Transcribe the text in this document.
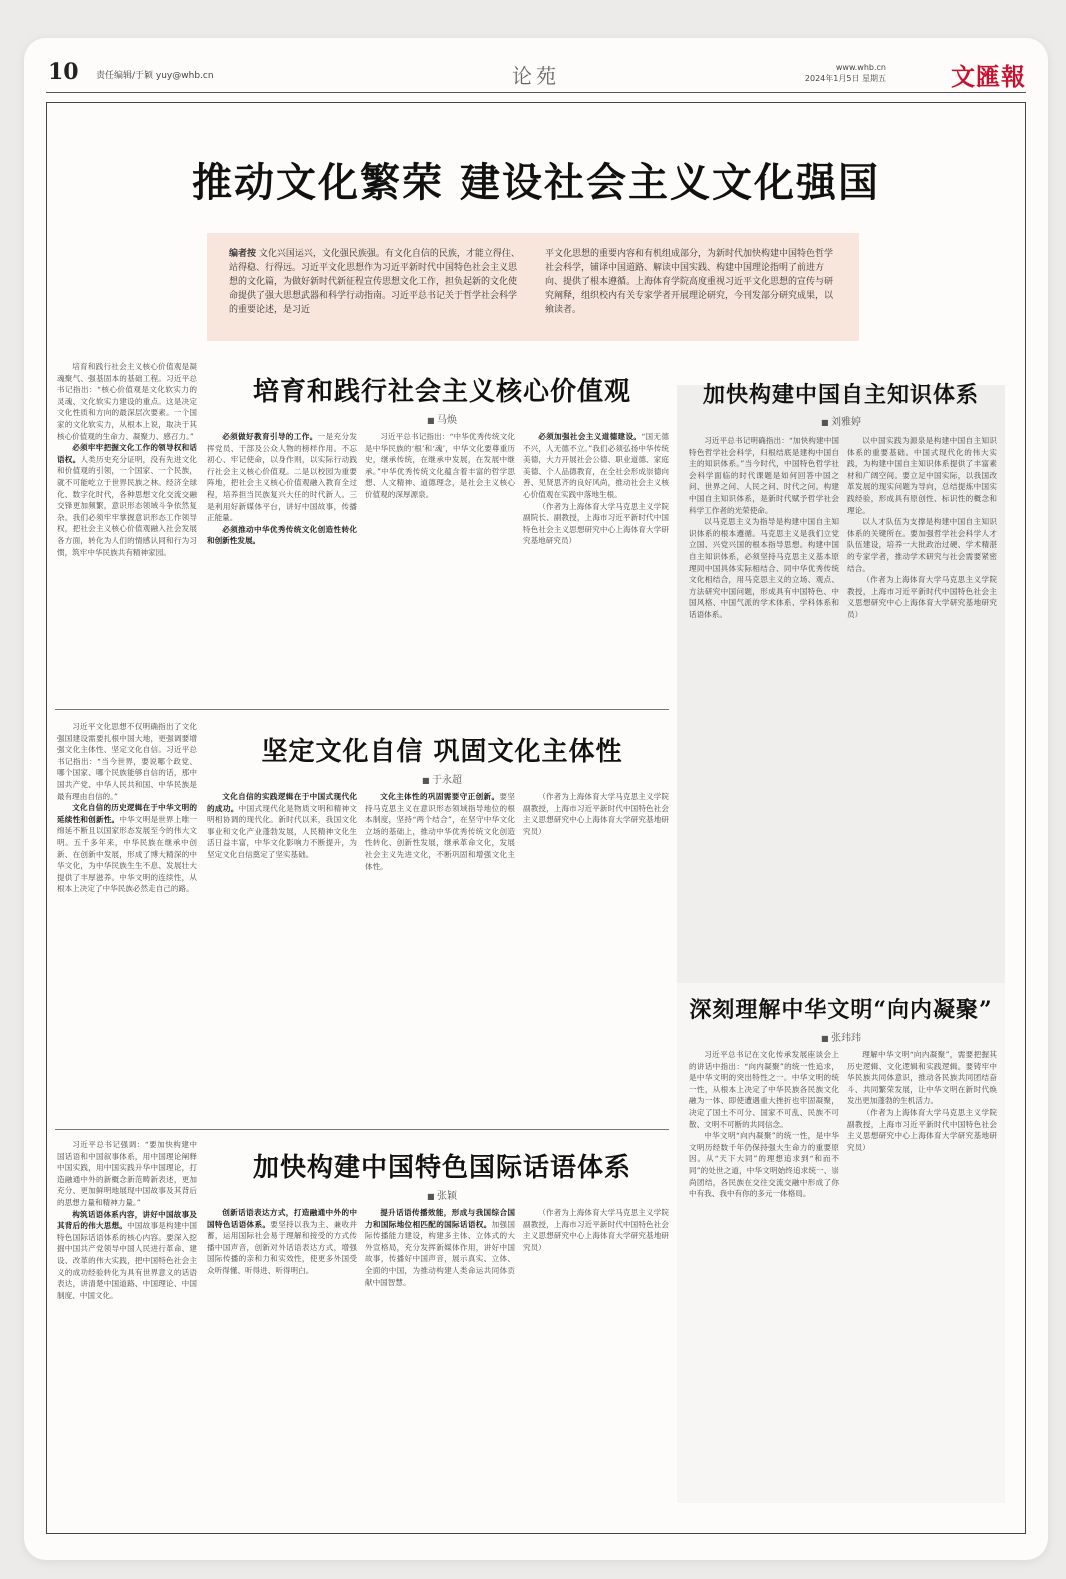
10 责任编辑/于颖 yuy@whb.cn	论苑	www.whb.cn
2024年1月5日 星期五	文匯報
推动文化繁荣 建设社会主义文化强国
编者按 文化兴国运兴，文化强民族强。有文化自信的民族，才能立得住、站得稳、行得远。习近平文化思想作为习近平新时代中国特色社会主义思想的文化篇，为做好新时代新征程宣传思想文化工作，担负起新的文化使命提供了强大思想武器和科学行动指南。习近平总书记关于哲学社会科学的重要论述，是习近
平文化思想的重要内容和有机组成部分，为新时代加快构建中国特色哲学社会科学，铺译中国道路、解读中国实践、构建中国理论指明了前进方向、提供了根本遵循。上海体育学院高度重视习近平文化思想的宣传与研究阐释，组织校内有关专家学者开展理论研究，今刊发部分研究成果，以飨读者。

培育和践行社会主义核心价值观是凝魂聚气、强基固本的基础工程。习近平总书记指出：“核心价值观是文化软实力的灵魂、文化软实力建设的重点。这是决定文化性质和方向的最深层次要素。一个国家的文化软实力，从根本上说，取决于其核心价值观的生命力、凝聚力、感召力。”

必须牢牢把握文化工作的领导权和话语权。人类历史充分证明，没有先进文化和价值观的引领，一个国家、一个民族，就不可能屹立于世界民族之林。经济全球化、数字化时代，各种思想文化交流交融交锋更加频繁，意识形态领域斗争依然复杂。我们必须牢牢掌握意识形态工作领导权，把社会主义核心价值观融入社会发展各方面，转化为人们的情感认同和行为习惯，筑牢中华民族共有精神家园。

培育和践行社会主义核心价值观
■ 马焕

必须做好教育引导的工作。一是充分发挥党员、干部及公众人物的榜样作用。不忘初心、牢记使命，以身作则，以实际行动践行社会主义核心价值观。二是以校园为重要阵地，把社会主义核心价值观融入教育全过程，培养担当民族复兴大任的时代新人。三是利用好新媒体平台，讲好中国故事，传播正能量。

必须推动中华优秀传统文化创造性转化和创新性发展。

习近平总书记指出：“中华优秀传统文化是中华民族的‘根’和‘魂’，中华文化要尊重历史，继承传统，在继承中发展，在发展中继承。”中华优秀传统文化蕴含着丰富的哲学思想、人文精神、道德理念，是社会主义核心价值观的深厚源泉。

必须加强社会主义道德建设。“国无德不兴，人无德不立。”我们必须弘扬中华传统美德，大力开展社会公德、职业道德、家庭美德、个人品德教育，在全社会形成崇德向善、见贤思齐的良好风尚，推动社会主义核心价值观在实践中落地生根。

（作者为上海体育大学马克思主义学院副院长、副教授，上海市习近平新时代中国特色社会主义思想研究中心上海体育大学研究基地研究员）

习近平文化思想不仅明确指出了文化强国建设需要扎根中国大地，更强调要增强文化主体性、坚定文化自信。习近平总书记指出：“当今世界，要说哪个政党、哪个国家、哪个民族能够自信的话，那中国共产党、中华人民共和国、中华民族是最有理由自信的。”

文化自信的历史逻辑在于中华文明的延续性和创新性。中华文明是世界上唯一绵延不断且以国家形态发展至今的伟大文明。五千多年来，中华民族在继承中创新、在创新中发展，形成了博大精深的中华文化，为中华民族生生不息、发展壮大提供了丰厚滋养。中华文明的连续性，从根本上决定了中华民族必然走自己的路。

坚定文化自信 巩固文化主体性
■ 于永超

文化自信的实践逻辑在于中国式现代化的成功。中国式现代化是物质文明和精神文明相协调的现代化。新时代以来，我国文化事业和文化产业蓬勃发展，人民精神文化生活日益丰富，中华文化影响力不断提升，为坚定文化自信奠定了坚实基础。

文化主体性的巩固需要守正创新。要坚持马克思主义在意识形态领域指导地位的根本制度，坚持“两个结合”，在坚守中华文化立场的基础上，推动中华优秀传统文化创造性转化、创新性发展，继承革命文化，发展社会主义先进文化，不断巩固和增强文化主体性。

（作者为上海体育大学马克思主义学院副教授，上海市习近平新时代中国特色社会主义思想研究中心上海体育大学研究基地研究员）

加快构建中国自主知识体系
■ 刘雅婷

习近平总书记明确指出：“加快构建中国特色哲学社会科学，归根结底是建构中国自主的知识体系。”当今时代，中国特色哲学社会科学面临的时代课题是如何回答中国之问、世界之问、人民之问、时代之问。构建中国自主知识体系，是新时代赋予哲学社会科学工作者的光荣使命。

以马克思主义为指导是构建中国自主知识体系的根本遵循。马克思主义是我们立党立国、兴党兴国的根本指导思想。构建中国自主知识体系，必须坚持马克思主义基本原理同中国具体实际相结合、同中华优秀传统文化相结合，用马克思主义的立场、观点、方法研究中国问题，形成具有中国特色、中国风格、中国气派的学术体系、学科体系和话语体系。

以中国实践为源泉是构建中国自主知识体系的重要基础。中国式现代化的伟大实践，为构建中国自主知识体系提供了丰富素材和广阔空间。要立足中国实际，以我国改革发展的现实问题为导向，总结提炼中国实践经验，形成具有原创性、标识性的概念和理论。

以人才队伍为支撑是构建中国自主知识体系的关键所在。要加强哲学社会科学人才队伍建设，培养一大批政治过硬、学术精湛的专家学者，推动学术研究与社会需要紧密结合。

（作者为上海体育大学马克思主义学院教授，上海市习近平新时代中国特色社会主义思想研究中心上海体育大学研究基地研究员）

深刻理解中华文明“向内凝聚”
■ 张玮玮

习近平总书记在文化传承发展座谈会上的讲话中指出：“向内凝聚”的统一性追求，是中华文明的突出特性之一。中华文明的统一性，从根本上决定了中华民族各民族文化融为一体、即使遭遇重大挫折也牢固凝聚，决定了国土不可分、国家不可乱、民族不可散、文明不可断的共同信念。

中华文明“向内凝聚”的统一性，是中华文明历经数千年仍保持强大生命力的重要原因。从“天下大同”的理想追求到“和而不同”的处世之道，中华文明始终追求统一、崇尚团结，各民族在交往交流交融中形成了你中有我、我中有你的多元一体格局。

理解中华文明“向内凝聚”，需要把握其历史逻辑、文化逻辑和实践逻辑。要铸牢中华民族共同体意识，推动各民族共同团结奋斗、共同繁荣发展，让中华文明在新时代焕发出更加蓬勃的生机活力。

（作者为上海体育大学马克思主义学院副教授，上海市习近平新时代中国特色社会主义思想研究中心上海体育大学研究基地研究员）

习近平总书记强调：“要加快构建中国话语和中国叙事体系，用中国理论阐释中国实践，用中国实践升华中国理论，打造融通中外的新概念新范畴新表述，更加充分、更加鲜明地展现中国故事及其背后的思想力量和精神力量。”

构筑话语体系内容，讲好中国故事及其背后的伟大思想。中国故事是构建中国特色国际话语体系的核心内容。要深入挖掘中国共产党领导中国人民进行革命、建设、改革的伟大实践，把中国特色社会主义的成功经验转化为具有世界意义的话语表达，讲清楚中国道路、中国理论、中国制度、中国文化。

加快构建中国特色国际话语体系
■ 张颖

创新话语表达方式，打造融通中外的中国特色话语体系。要坚持以我为主、兼收并蓄，运用国际社会易于理解和接受的方式传播中国声音，创新对外话语表达方式，增强国际传播的亲和力和实效性，使更多外国受众听得懂、听得进、听得明白。

提升话语传播效能，形成与我国综合国力和国际地位相匹配的国际话语权。加强国际传播能力建设，构建多主体、立体式的大外宣格局，充分发挥新媒体作用，讲好中国故事，传播好中国声音，展示真实、立体、全面的中国，为推动构建人类命运共同体贡献中国智慧。

（作者为上海体育大学马克思主义学院副教授，上海市习近平新时代中国特色社会主义思想研究中心上海体育大学研究基地研究员）
